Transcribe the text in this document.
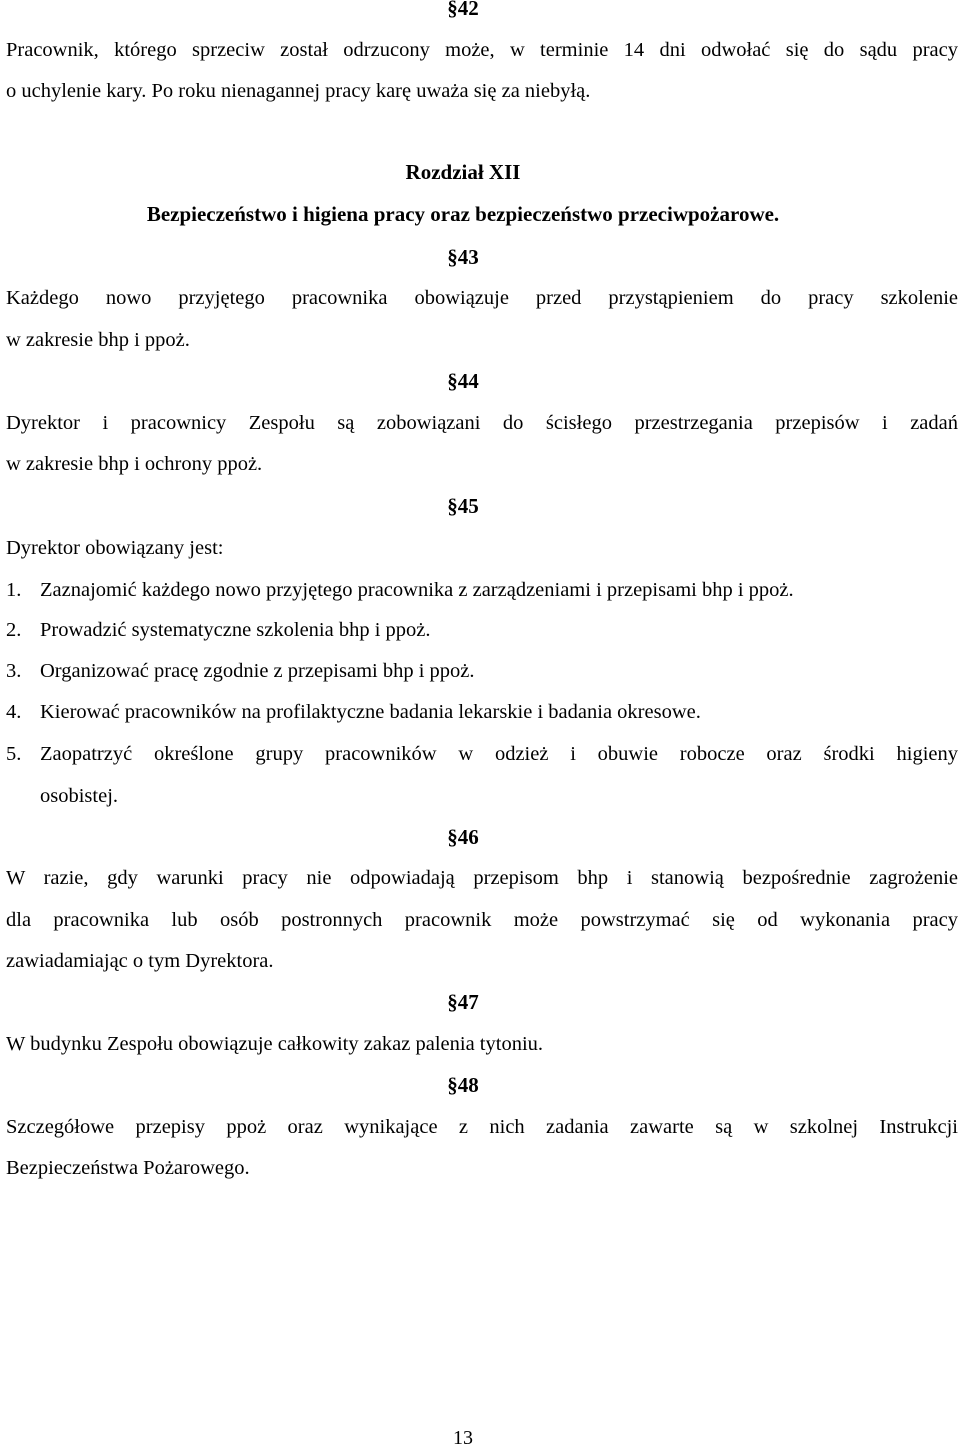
§42

Pracownik, którego sprzeciw został odrzucony może, w terminie 14 dni odwołać się do sądu pracy

o uchylenie kary. Po roku nienagannej pracy karę uważa się za niebyłą.

Rozdział XII

Bezpieczeństwo i higiena pracy oraz bezpieczeństwo przeciwpożarowe.

§43

Każdego nowo przyjętego pracownika obowiązuje przed przystąpieniem do pracy szkolenie

w zakresie bhp i ppoż.

§44

Dyrektor i pracownicy Zespołu są zobowiązani do ścisłego przestrzegania przepisów i zadań

w zakresie bhp i ochrony ppoż.

§45

Dyrektor obowiązany jest:

1. Zaznajomić każdego nowo przyjętego pracownika z zarządzeniami i przepisami bhp i ppoż.

2. Prowadzić systematyczne szkolenia bhp i ppoż.

3. Organizować pracę zgodnie z przepisami bhp i ppoż.

4. Kierować pracowników na profilaktyczne badania lekarskie i badania okresowe.

5. Zaopatrzyć określone grupy pracowników w odzież i obuwie robocze oraz środki higieny

osobistej.

§46

W razie, gdy warunki pracy nie odpowiadają przepisom bhp i stanowią bezpośrednie zagrożenie

dla pracownika lub osób postronnych pracownik może powstrzymać się od wykonania pracy

zawiadamiając o tym Dyrektora.

§47

W budynku Zespołu obowiązuje całkowity zakaz palenia tytoniu.

§48

Szczegółowe przepisy ppoż oraz wynikające z nich zadania zawarte są w szkolnej Instrukcji

Bezpieczeństwa Pożarowego.

13
